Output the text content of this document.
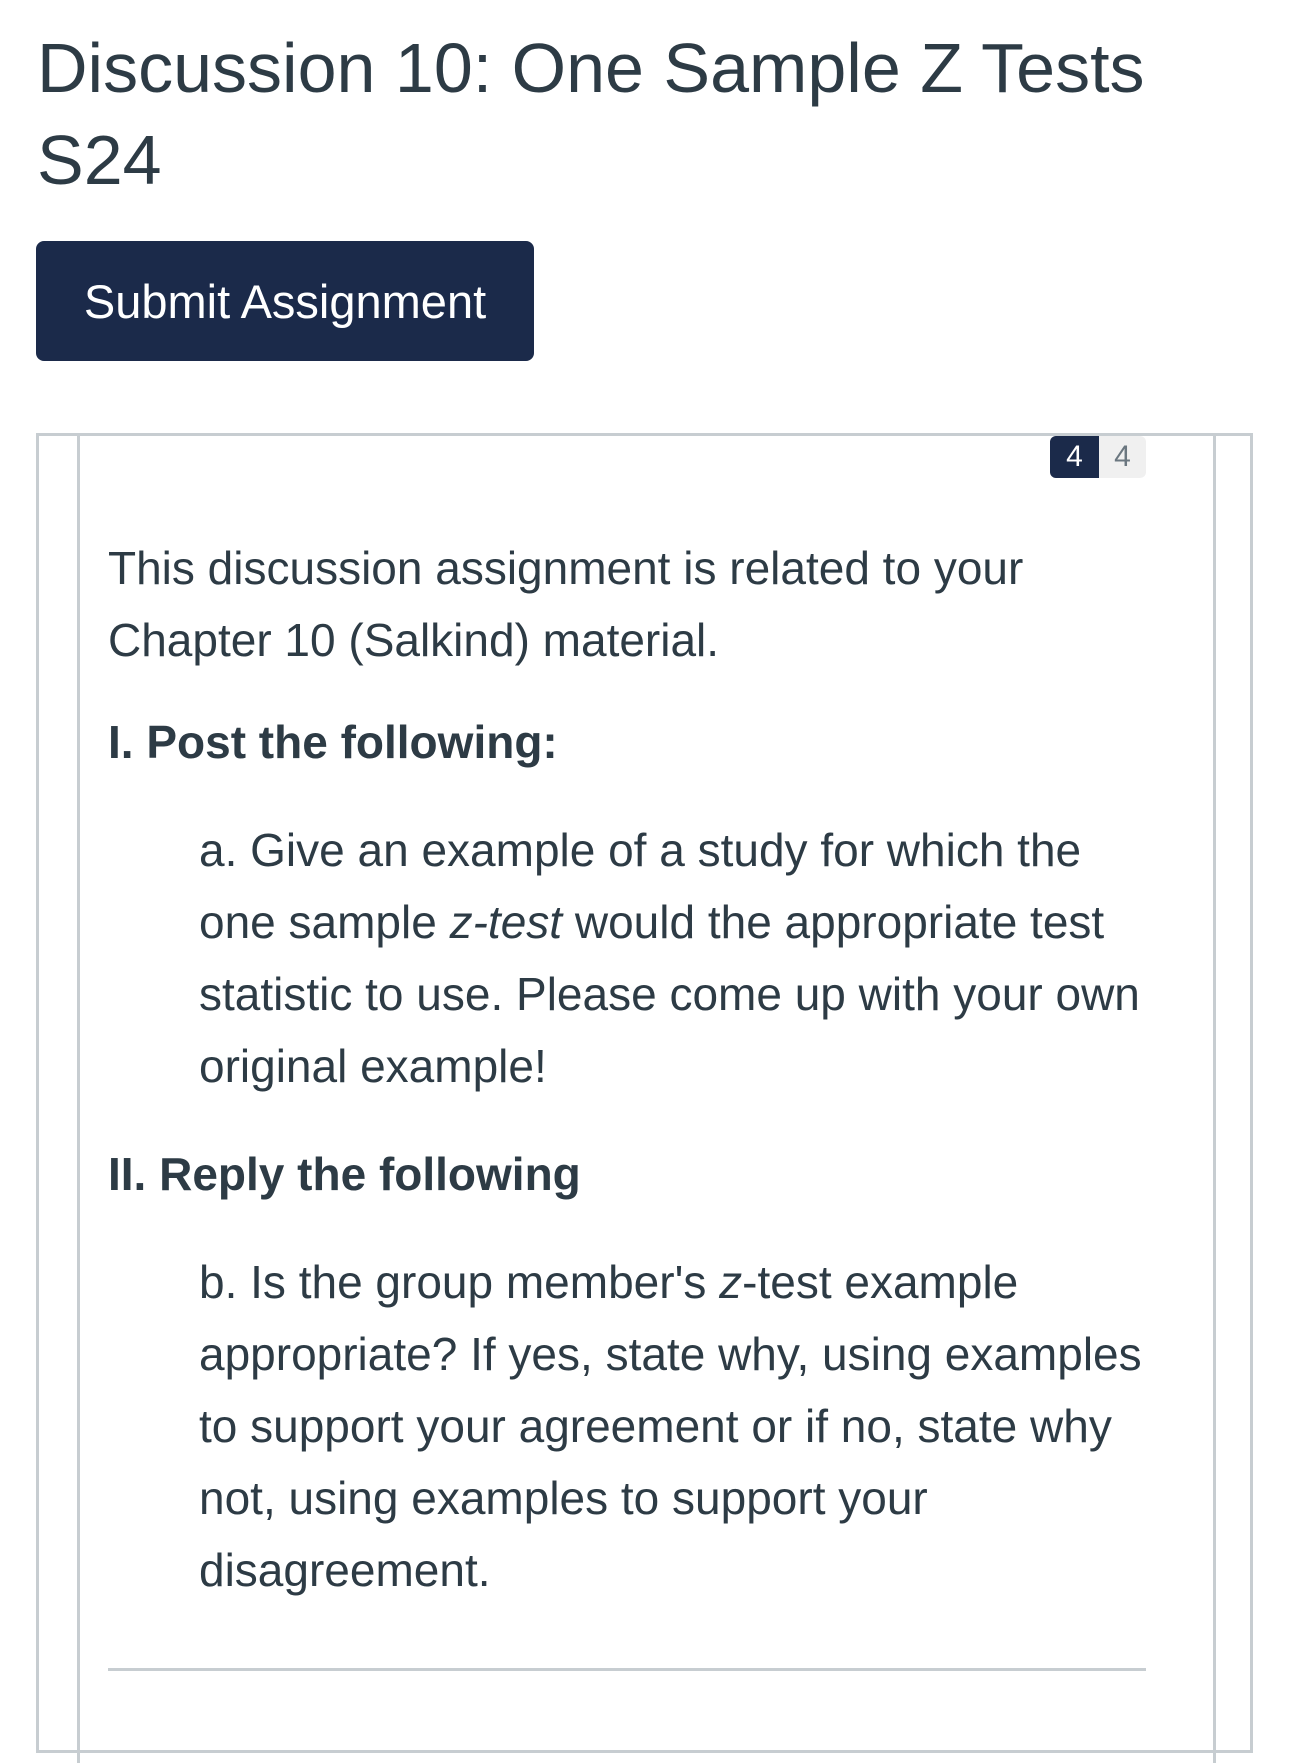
Discussion 10: One Sample Z Tests S24
Submit Assignment
4	4

This discussion assignment is related to your Chapter 10 (Salkind) material.

I. Post the following:

a. Give an example of a study for which the one sample z-test would the appropriate test statistic to use. Please come up with your own original example!

II. Reply the following

b. Is the group member's z-test example appropriate? If yes, state why, using examples to support your agreement or if no, state why not, using examples to support your disagreement.
